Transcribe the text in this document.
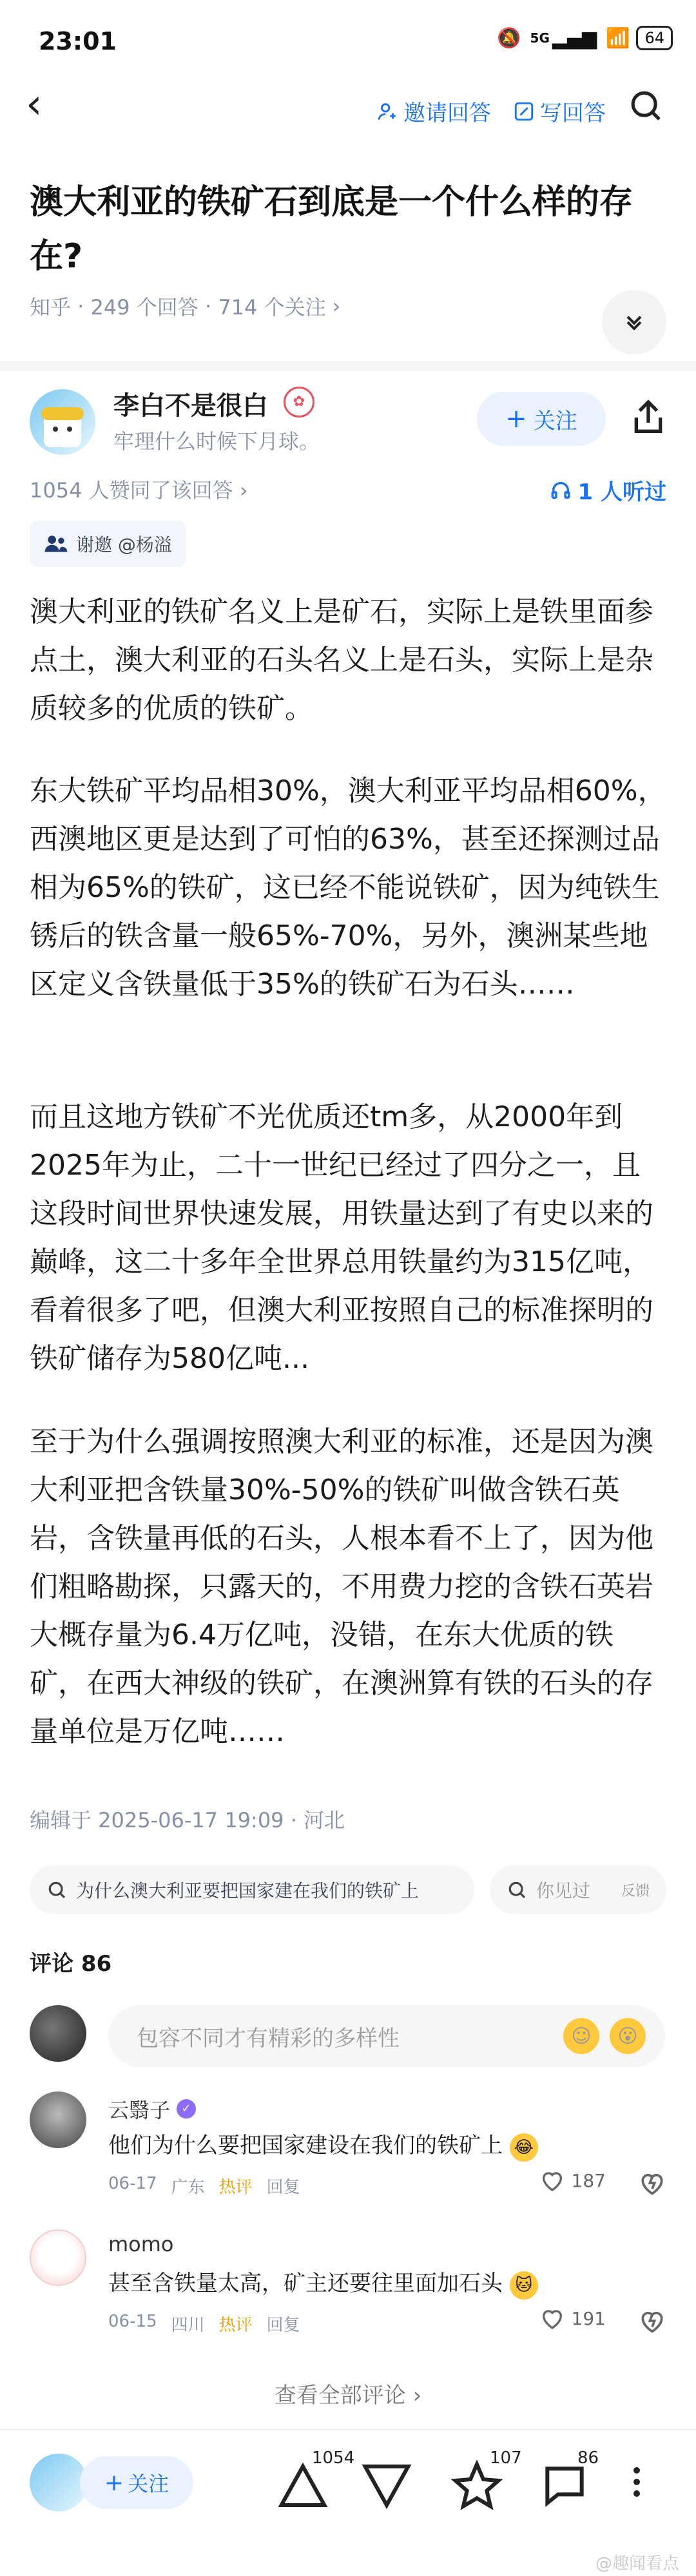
23:01	🔕 5G ▂▄▆ 📶 64
‹	邀请回答 写回答
澳大利亚的铁矿石到底是一个什么样的存在?
知乎 · 249 个回答 · 714 个关注 ›
李白不是很白	✿
牢理什么时候下月球。
+ 关注
1054 人赞同了该回答 ›	1 人听过
谢邀 @杨溢

澳大利亚的铁矿名义上是矿石，实际上是铁里面参点土，澳大利亚的石头名义上是石头，实际上是杂质较多的优质的铁矿。

东大铁矿平均品相30%，澳大利亚平均品相60%，西澳地区更是达到了可怕的63%，甚至还探测过品相为65%的铁矿，这已经不能说铁矿，因为纯铁生锈后的铁含量一般65%-70%，另外，澳洲某些地区定义含铁量低于35%的铁矿石为石头……

而且这地方铁矿不光优质还tm多，从2000年到2025年为止，二十一世纪已经过了四分之一，且这段时间世界快速发展，用铁量达到了有史以来的巅峰，这二十多年全世界总用铁量约为315亿吨，看着很多了吧，但澳大利亚按照自己的标准探明的铁矿储存为580亿吨...

至于为什么强调按照澳大利亚的标准，还是因为澳大利亚把含铁量30%-50%的铁矿叫做含铁石英岩，含铁量再低的石头，人根本看不上了，因为他们粗略勘探，只露天的，不用费力挖的含铁石英岩大概存量为6.4万亿吨，没错，在东大优质的铁矿，在西大神级的铁矿，在澳洲算有铁的石头的存量单位是万亿吨……

编辑于 2025-06-17 19:09 · 河北
为什么澳大利亚要把国家建在我们的铁矿上	你见过 反馈
评论 86
包容不同才有精彩的多样性	☺	😮
云翳子 ✓
他们为什么要把国家建设在我们的铁矿上 😂
06-17 广东 热评 回复	187
momo
甚至含铁量太高，矿主还要往里面加石头 🐱
06-15 四川 热评 回复	191
查看全部评论 ›
+ 关注
1054	107	86
@趣闻看点
